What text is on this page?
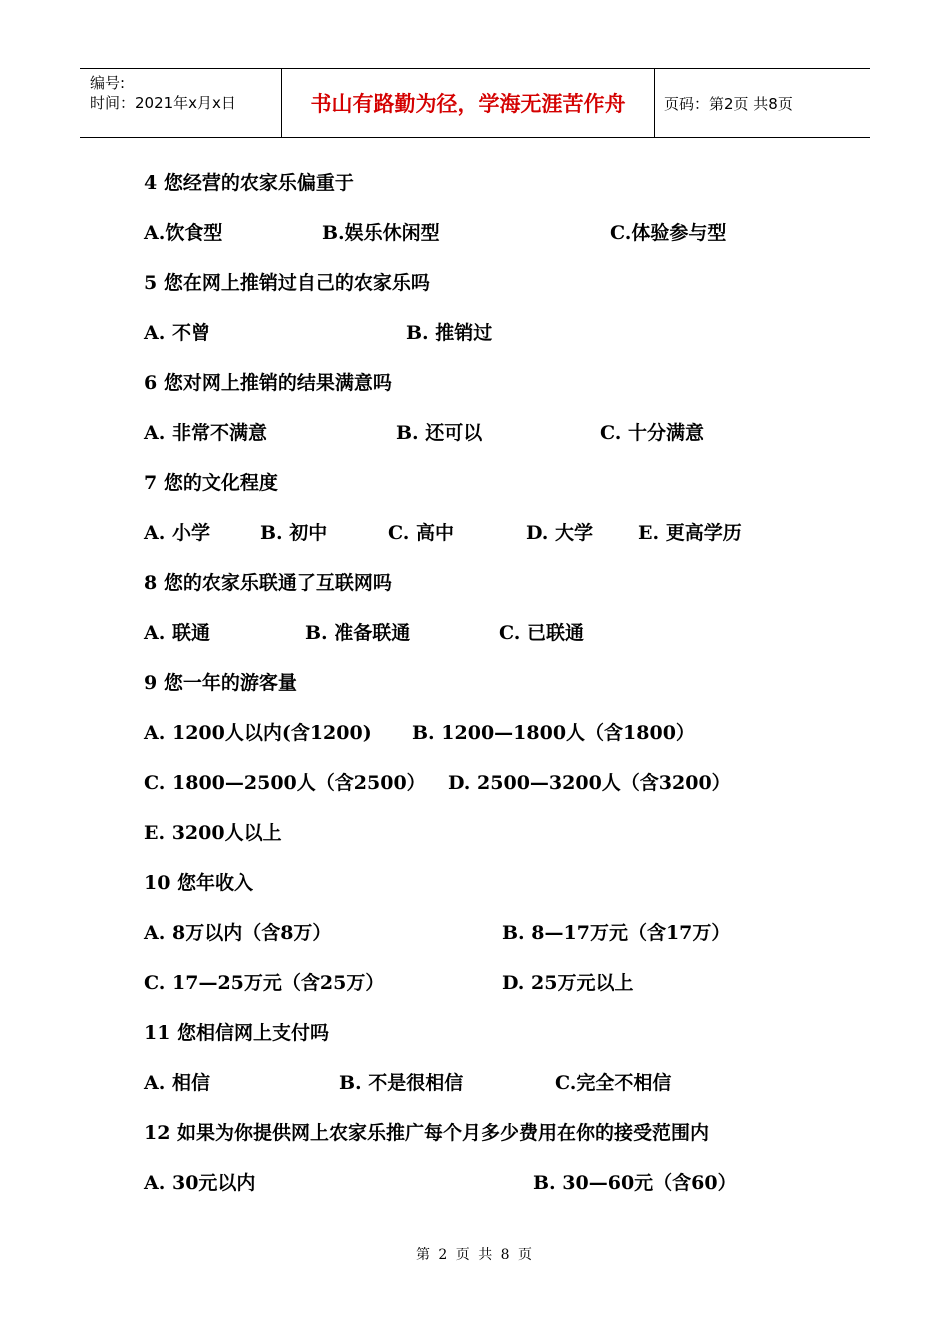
编号:
时间：2021年x月x日	书山有路勤为径，学海无涯苦作舟	页码：第2页 共8页
4 您经营的农家乐偏重于
A.饮食型	B.娱乐休闲型	C.体验参与型
5 您在网上推销过自己的农家乐吗
A. 不曾	B. 推销过
6 您对网上推销的结果满意吗
A. 非常不满意	B. 还可以	C. 十分满意
7 您的文化程度
A. 小学	B. 初中	C. 高中	D. 大学 E. 更高学历
8 您的农家乐联通了互联网吗
A. 联通	B. 准备联通	C. 已联通
9 您一年的游客量
A. 1200人以内(含1200) B. 1200—1800人（含1800）
C. 1800—2500人（含2500） D. 2500—3200人（含3200）
E. 3200人以上
10 您年收入
A. 8万以内（含8万）	B. 8—17万元（含17万）
C. 17—25万元（含25万）	D. 25万元以上
11 您相信网上支付吗
A. 相信	B. 不是很相信	C.完全不相信
12 如果为你提供网上农家乐推广每个月多少费用在你的接受范围内
A. 30元以内	B. 30—60元（含60）
第 2 页 共 8 页
